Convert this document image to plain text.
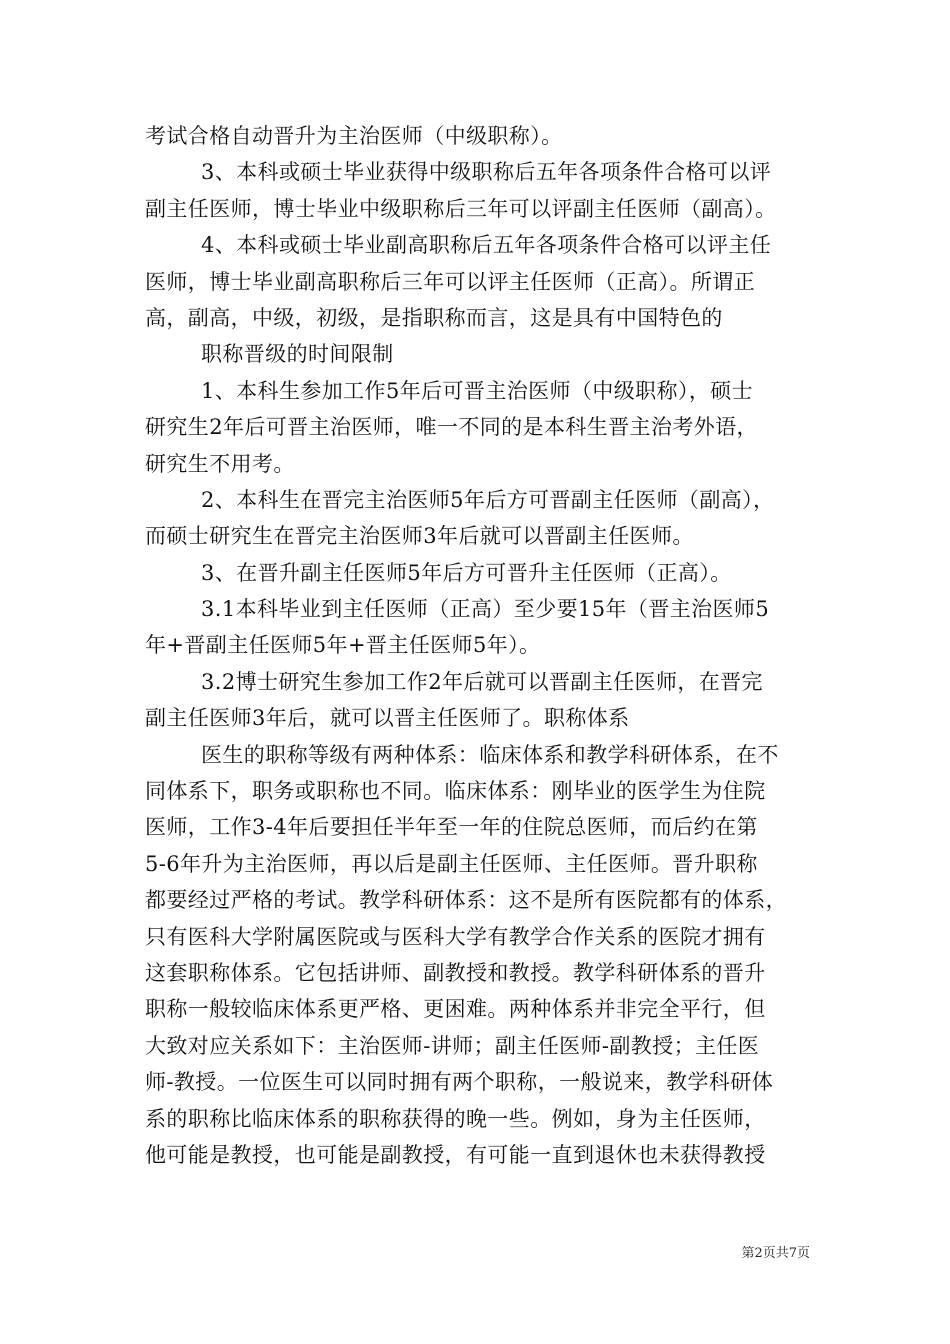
考试合格自动晋升为主治医师（中级职称）。
3、本科或硕士毕业获得中级职称后五年各项条件合格可以评
副主任医师，博士毕业中级职称后三年可以评副主任医师（副高）。
4、本科或硕士毕业副高职称后五年各项条件合格可以评主任
医师，博士毕业副高职称后三年可以评主任医师（正高）。所谓正
高，副高，中级，初级，是指职称而言，这是具有中国特色的
职称晋级的时间限制
1、本科生参加工作5年后可晋主治医师（中级职称），硕士
研究生2年后可晋主治医师，唯一不同的是本科生晋主治考外语，
研究生不用考。
2、本科生在晋完主治医师5年后方可晋副主任医师（副高），
而硕士研究生在晋完主治医师3年后就可以晋副主任医师。
3、在晋升副主任医师5年后方可晋升主任医师（正高）。
3.1本科毕业到主任医师（正高）至少要15年（晋主治医师5
年+晋副主任医师5年+晋主任医师5年）。
3.2博士研究生参加工作2年后就可以晋副主任医师，在晋完
副主任医师3年后，就可以晋主任医师了。职称体系
医生的职称等级有两种体系：临床体系和教学科研体系，在不
同体系下，职务或职称也不同。临床体系：刚毕业的医学生为住院
医师，工作3-4年后要担任半年至一年的住院总医师，而后约在第
5-6年升为主治医师，再以后是副主任医师、主任医师。晋升职称
都要经过严格的考试。教学科研体系：这不是所有医院都有的体系，
只有医科大学附属医院或与医科大学有教学合作关系的医院才拥有
这套职称体系。它包括讲师、副教授和教授。教学科研体系的晋升
职称一般较临床体系更严格、更困难。两种体系并非完全平行，但
大致对应关系如下：主治医师-讲师；副主任医师-副教授；主任医
师-教授。一位医生可以同时拥有两个职称，一般说来，教学科研体
系的职称比临床体系的职称获得的晚一些。例如，身为主任医师，
他可能是教授，也可能是副教授，有可能一直到退休也未获得教授
第2页共7页
